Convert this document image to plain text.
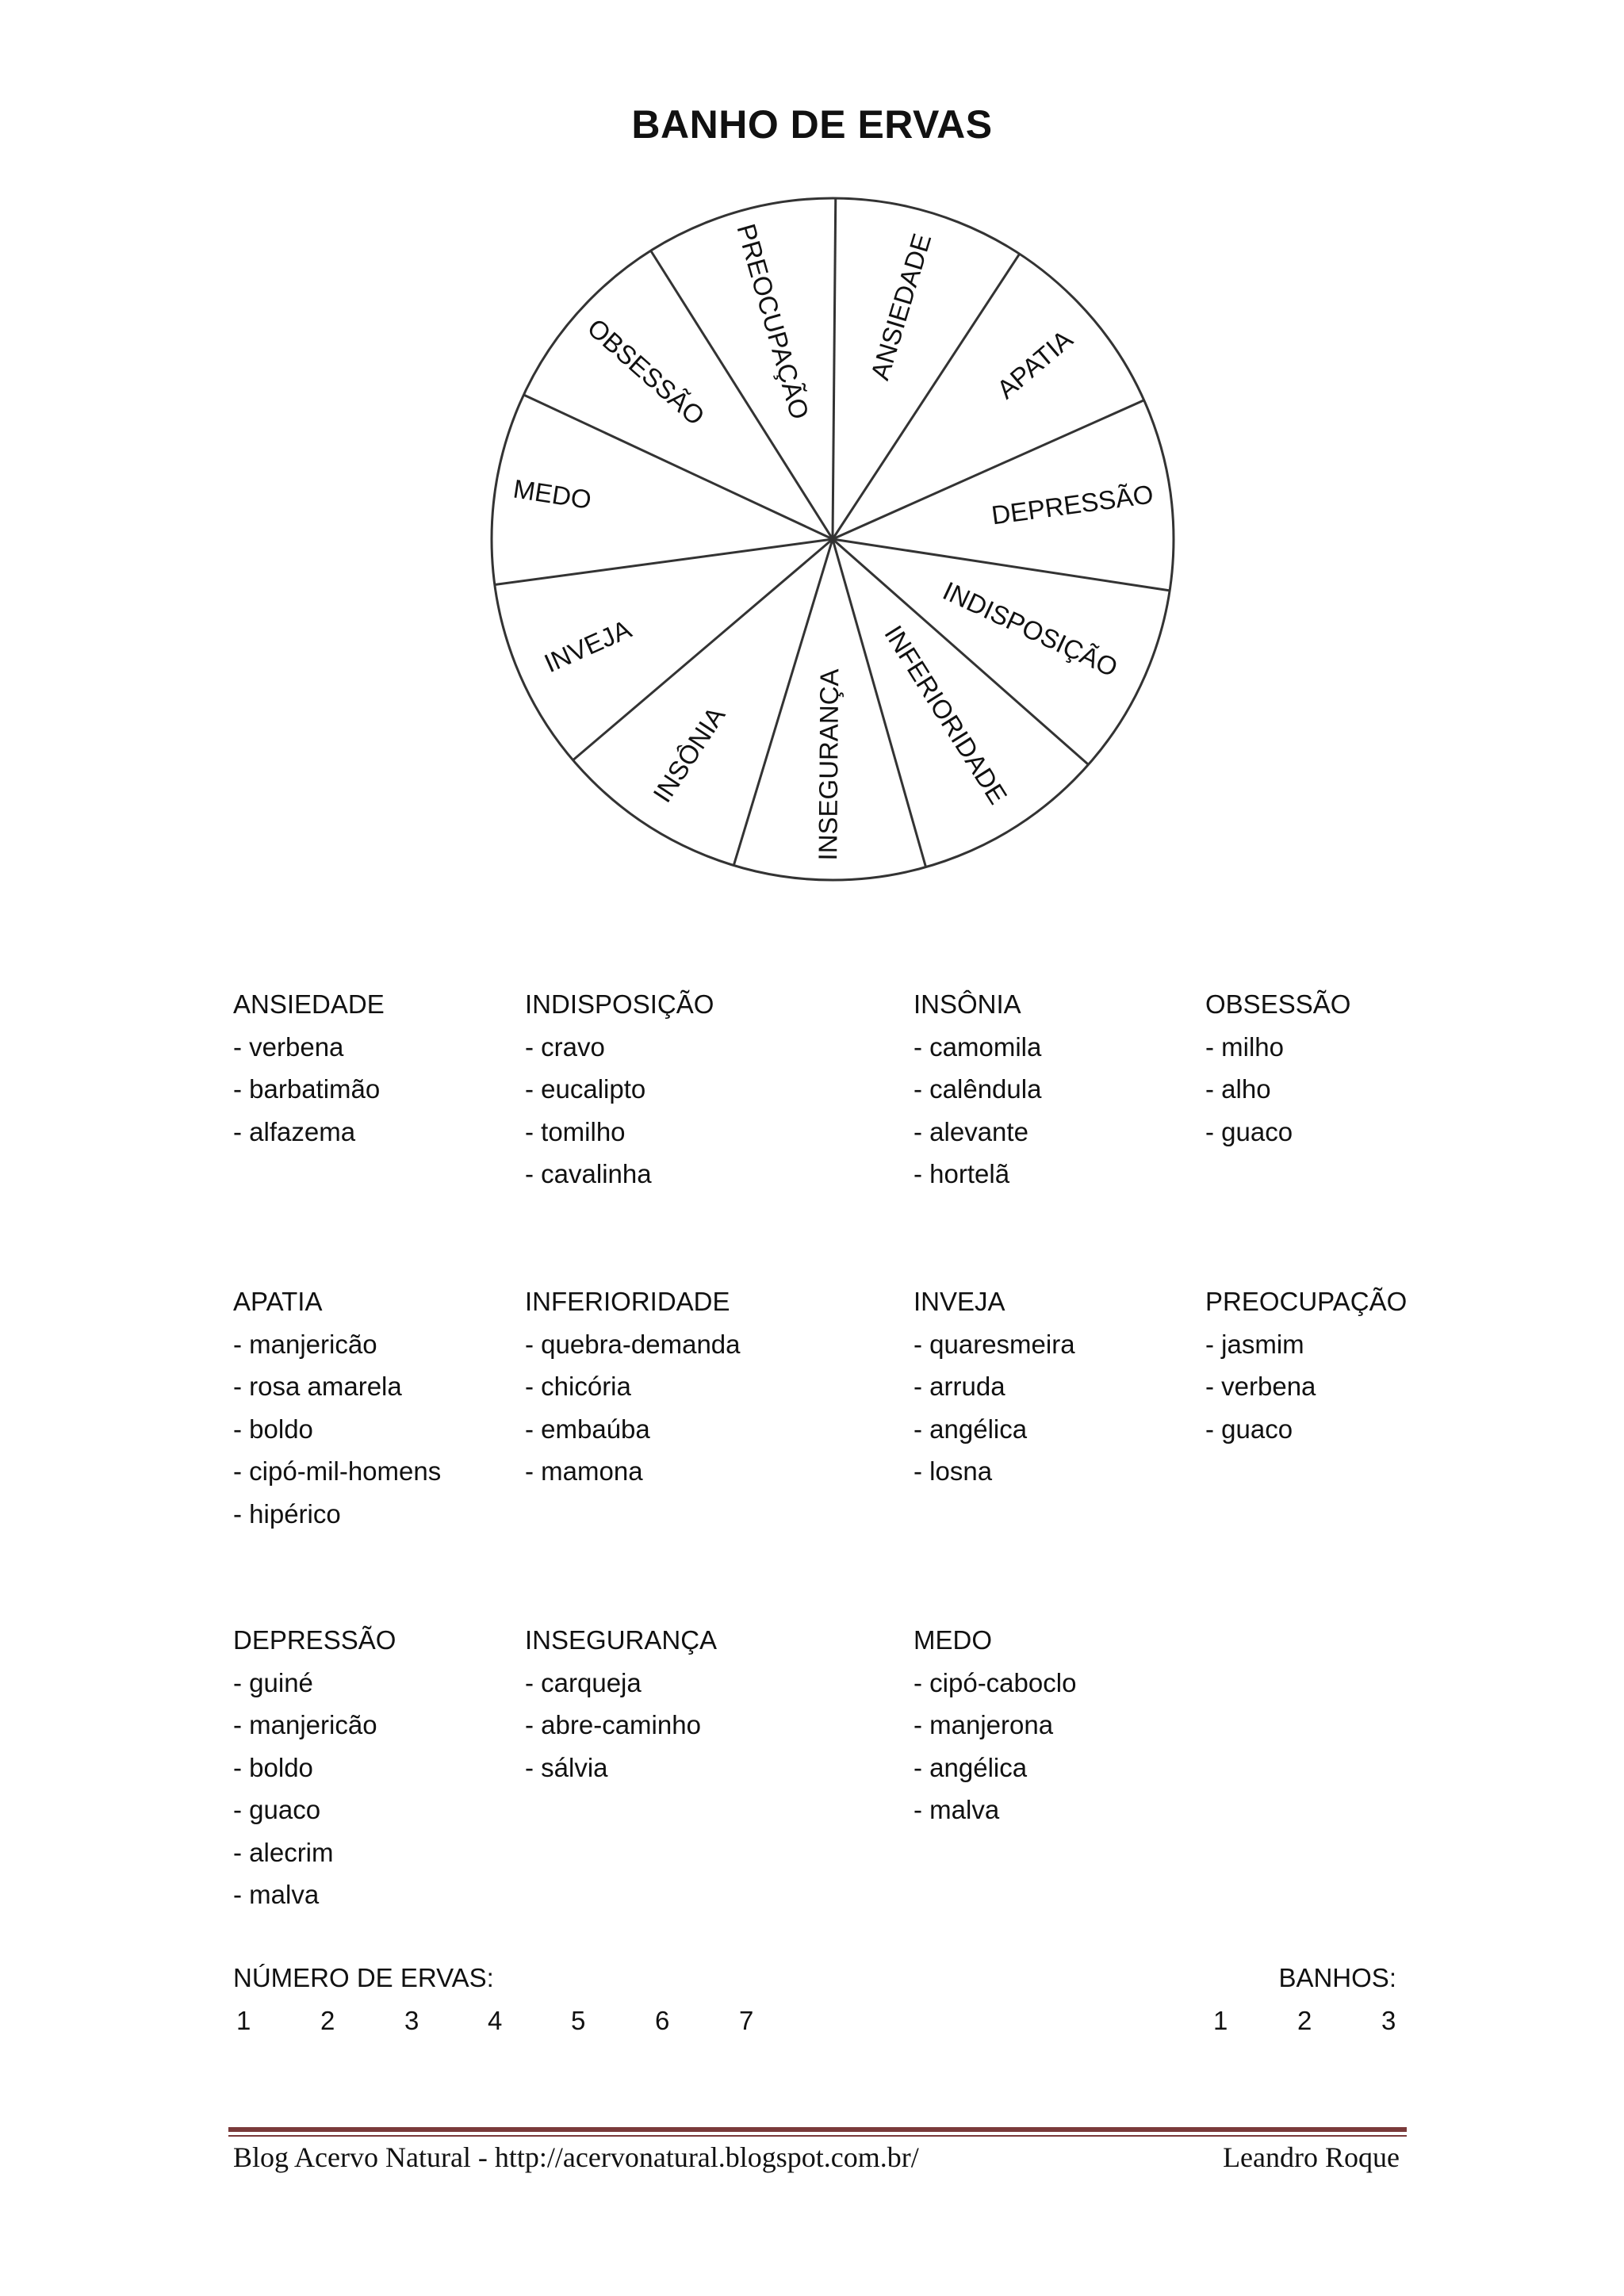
BANHO DE ERVAS
ANSIEDADE APATIA
DEPRESSÃO
INDISPOSIÇÃO
INFERIORIDADE
INSEGURANÇA
INSÔNIA
INVEJA
MEDO
OBSESSÃO PREOCUPAÇÃO
ANSIEDADE
- verbena
- barbatimão
- alfazema
INDISPOSIÇÃO
- cravo
- eucalipto
- tomilho
- cavalinha
INSÔNIA
- camomila
- calêndula
- alevante
- hortelã
OBSESSÃO
- milho
- alho
- guaco
APATIA
- manjericão
- rosa amarela
- boldo
- cipó-mil-homens
- hipérico
INFERIORIDADE
- quebra-demanda
- chicória
- embaúba
- mamona
INVEJA
- quaresmeira
- arruda
- angélica
- losna
PREOCUPAÇÃO
- jasmim
- verbena
- guaco
DEPRESSÃO
- guiné
- manjericão
- boldo
- guaco
- alecrim
- malva
INSEGURANÇA
- carqueja
- abre-caminho
- sálvia
MEDO
- cipó-caboclo
- manjerona
- angélica
- malva
NÚMERO DE ERVAS:
1	2	3	4	5	6	7
BANHOS:
1	2	3
Blog Acervo Natural - http://acervonatural.blogspot.com.br/	Leandro Roque
